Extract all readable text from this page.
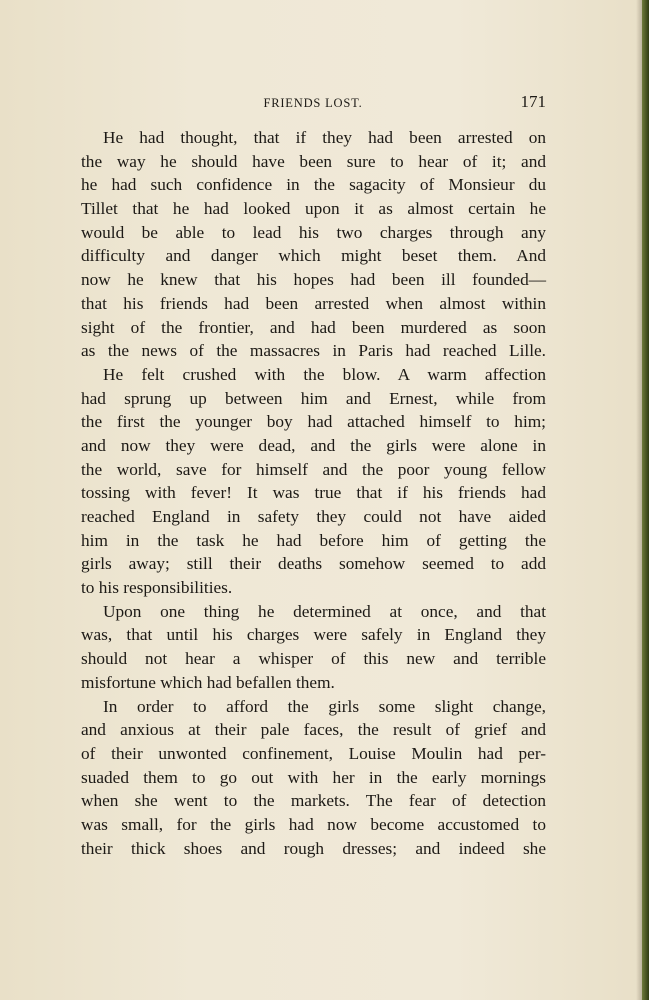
FRIENDS LOST.	171
He had thought, that if they had been arrested on
the way he should have been sure to hear of it; and
he had such confidence in the sagacity of Monsieur du
Tillet that he had looked upon it as almost certain he
would be able to lead his two charges through any
difficulty and danger which might beset them. And
now he knew that his hopes had been ill founded—
that his friends had been arrested when almost within
sight of the frontier, and had been murdered as soon
as the news of the massacres in Paris had reached Lille.
He felt crushed with the blow. A warm affection
had sprung up between him and Ernest, while from
the first the younger boy had attached himself to him;
and now they were dead, and the girls were alone in
the world, save for himself and the poor young fellow
tossing with fever! It was true that if his friends had
reached England in safety they could not have aided
him in the task he had before him of getting the
girls away; still their deaths somehow seemed to add
to his responsibilities.
Upon one thing he determined at once, and that
was, that until his charges were safely in England they
should not hear a whisper of this new and terrible
misfortune which had befallen them.
In order to afford the girls some slight change,
and anxious at their pale faces, the result of grief and
of their unwonted confinement, Louise Moulin had per-
suaded them to go out with her in the early mornings
when she went to the markets. The fear of detection
was small, for the girls had now become accustomed to
their thick shoes and rough dresses; and indeed she
